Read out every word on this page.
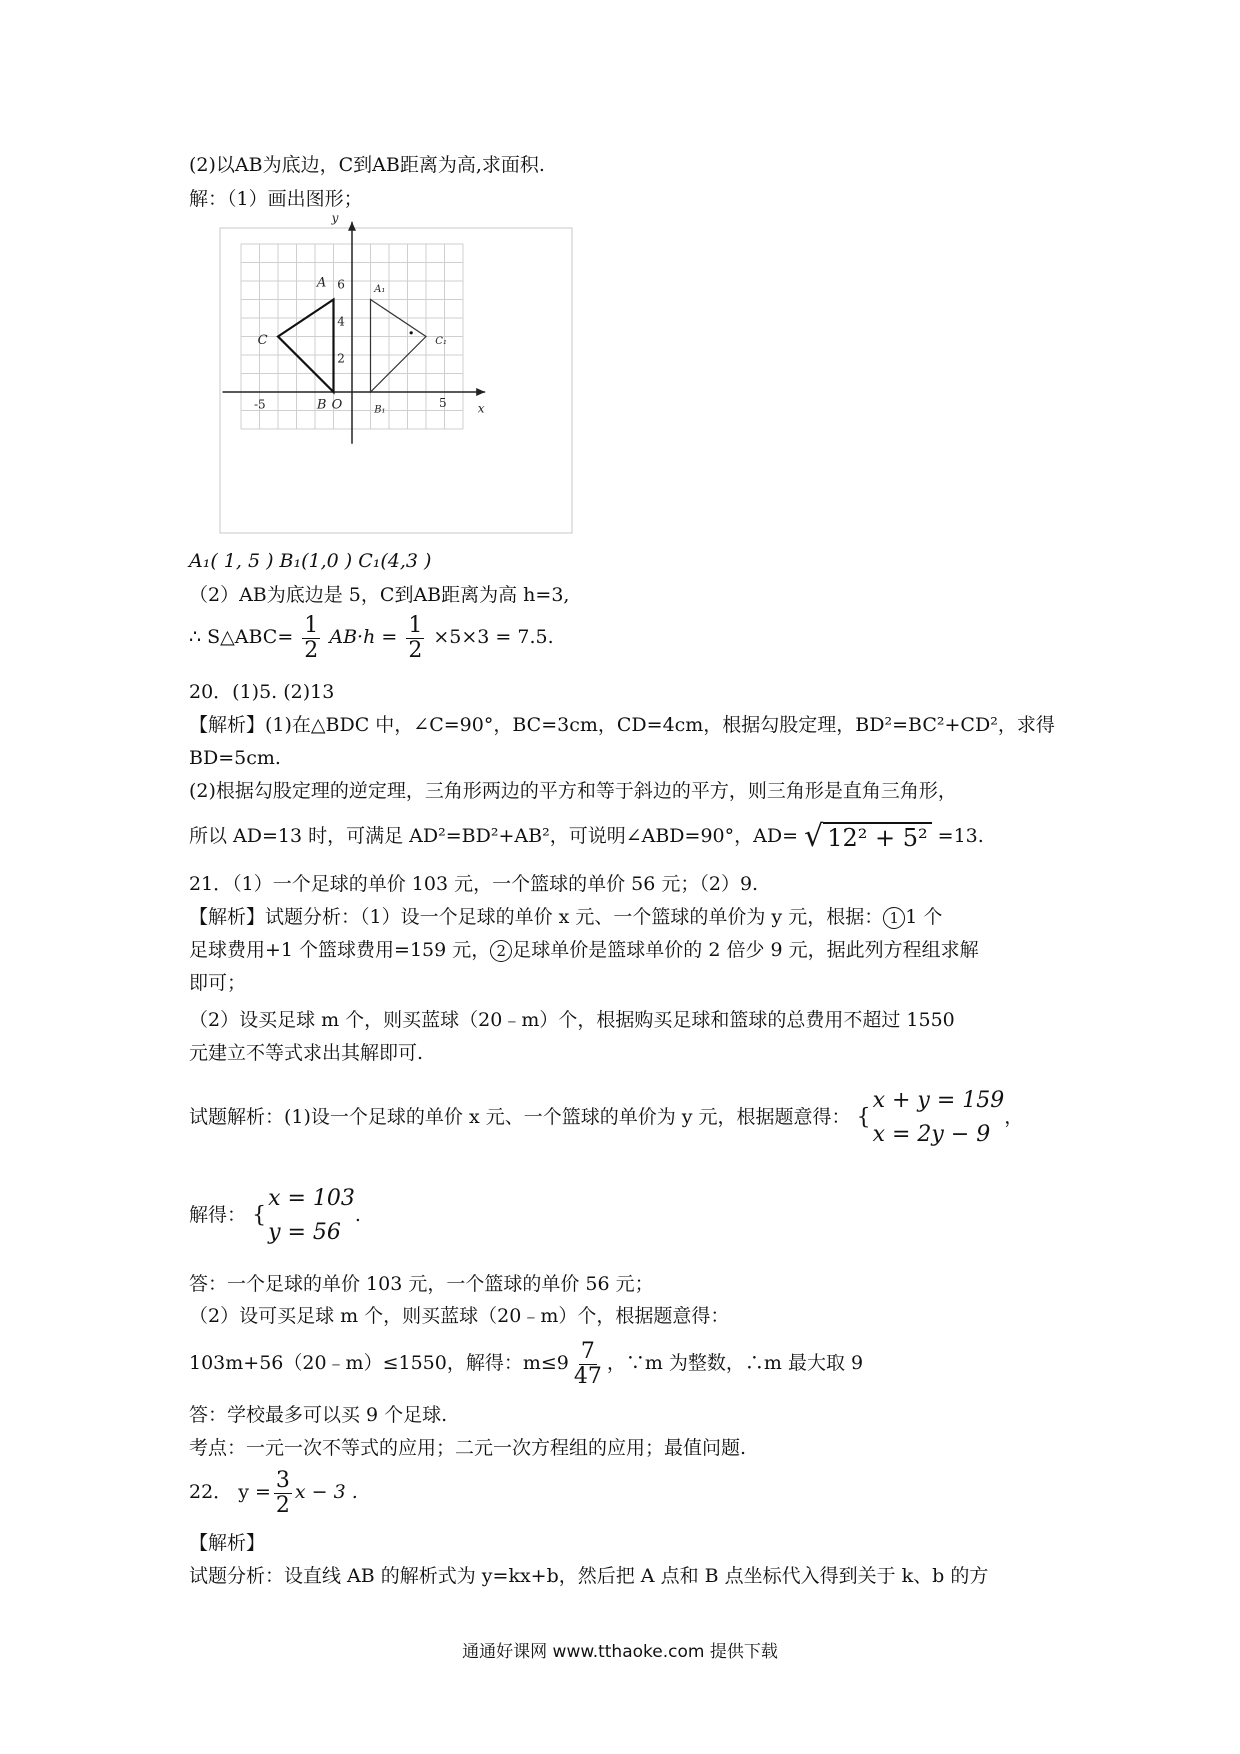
(2)以AB为底边，C到AB距离为高,求面积.
解：（1）画出图形；
A
B
C
O
A₁
B₁
C₁
-5	5
2
4
6
x
y
A₁( 1, 5 ) B₁(1,0 ) C₁(4,3 )
（2）AB为底边是 5，C到AB距离为高 h=3,
∴ S△ABC= $\frac{1}{2} AB\cdot h = \frac{1}{2} \times 5\times 3 = 7.5$.
20．(1)5. (2)13
【解析】(1)在△BDC 中，∠C=90°，BC=3cm，CD=4cm，根据勾股定理，BD²=BC²+CD²，求得
BD=5cm.
(2)根据勾股定理的逆定理，三角形两边的平方和等于斜边的平方，则三角形是直角三角形，
所以 AD=13 时，可满足 AD²=BD²+AB²，可说明∠ABD=90°，AD= √ 12² + 5² =13.
21．（1）一个足球的单价 103 元，一个篮球的单价 56 元；（2）9.
【解析】试题分析：（1）设一个足球的单价 x 元、一个篮球的单价为 y 元，根据： 1 1 个
足球费用+1 个篮球费用=159 元， 2 足球单价是篮球单价的 2 倍少 9 元，据此列方程组求解
即可；
（2）设买足球 m 个，则买蓝球（20﹣m）个，根据购买足球和篮球的总费用不超过 1550
元建立不等式求出其解即可.
试题解析：(1)设一个足球的单价 x 元、一个篮球的单价为 y 元，根据题意得： {
x + y = 159
x = 2y − 9
，
解得： {
x = 103
y = 56
.
答：一个足球的单价 103 元，一个篮球的单价 56 元；
（2）设可买足球 m 个，则买蓝球（20﹣m）个，根据题意得：
103m+56（20﹣m）≤1550，解得：$m\le 9 \frac{7}{47}$ ，∵m 为整数，∴m 最大取 9
答：学校最多可以买 9 个足球.
考点：一元一次不等式的应用；二元一次方程组的应用；最值问题.
22． $y = \frac{3}{2}$ x − 3 .
【解析】
试题分析：设直线 AB 的解析式为 y=kx+b，然后把 A 点和 B 点坐标代入得到关于 k、b 的方
通通好课网 www.tthaoke.com 提供下载
